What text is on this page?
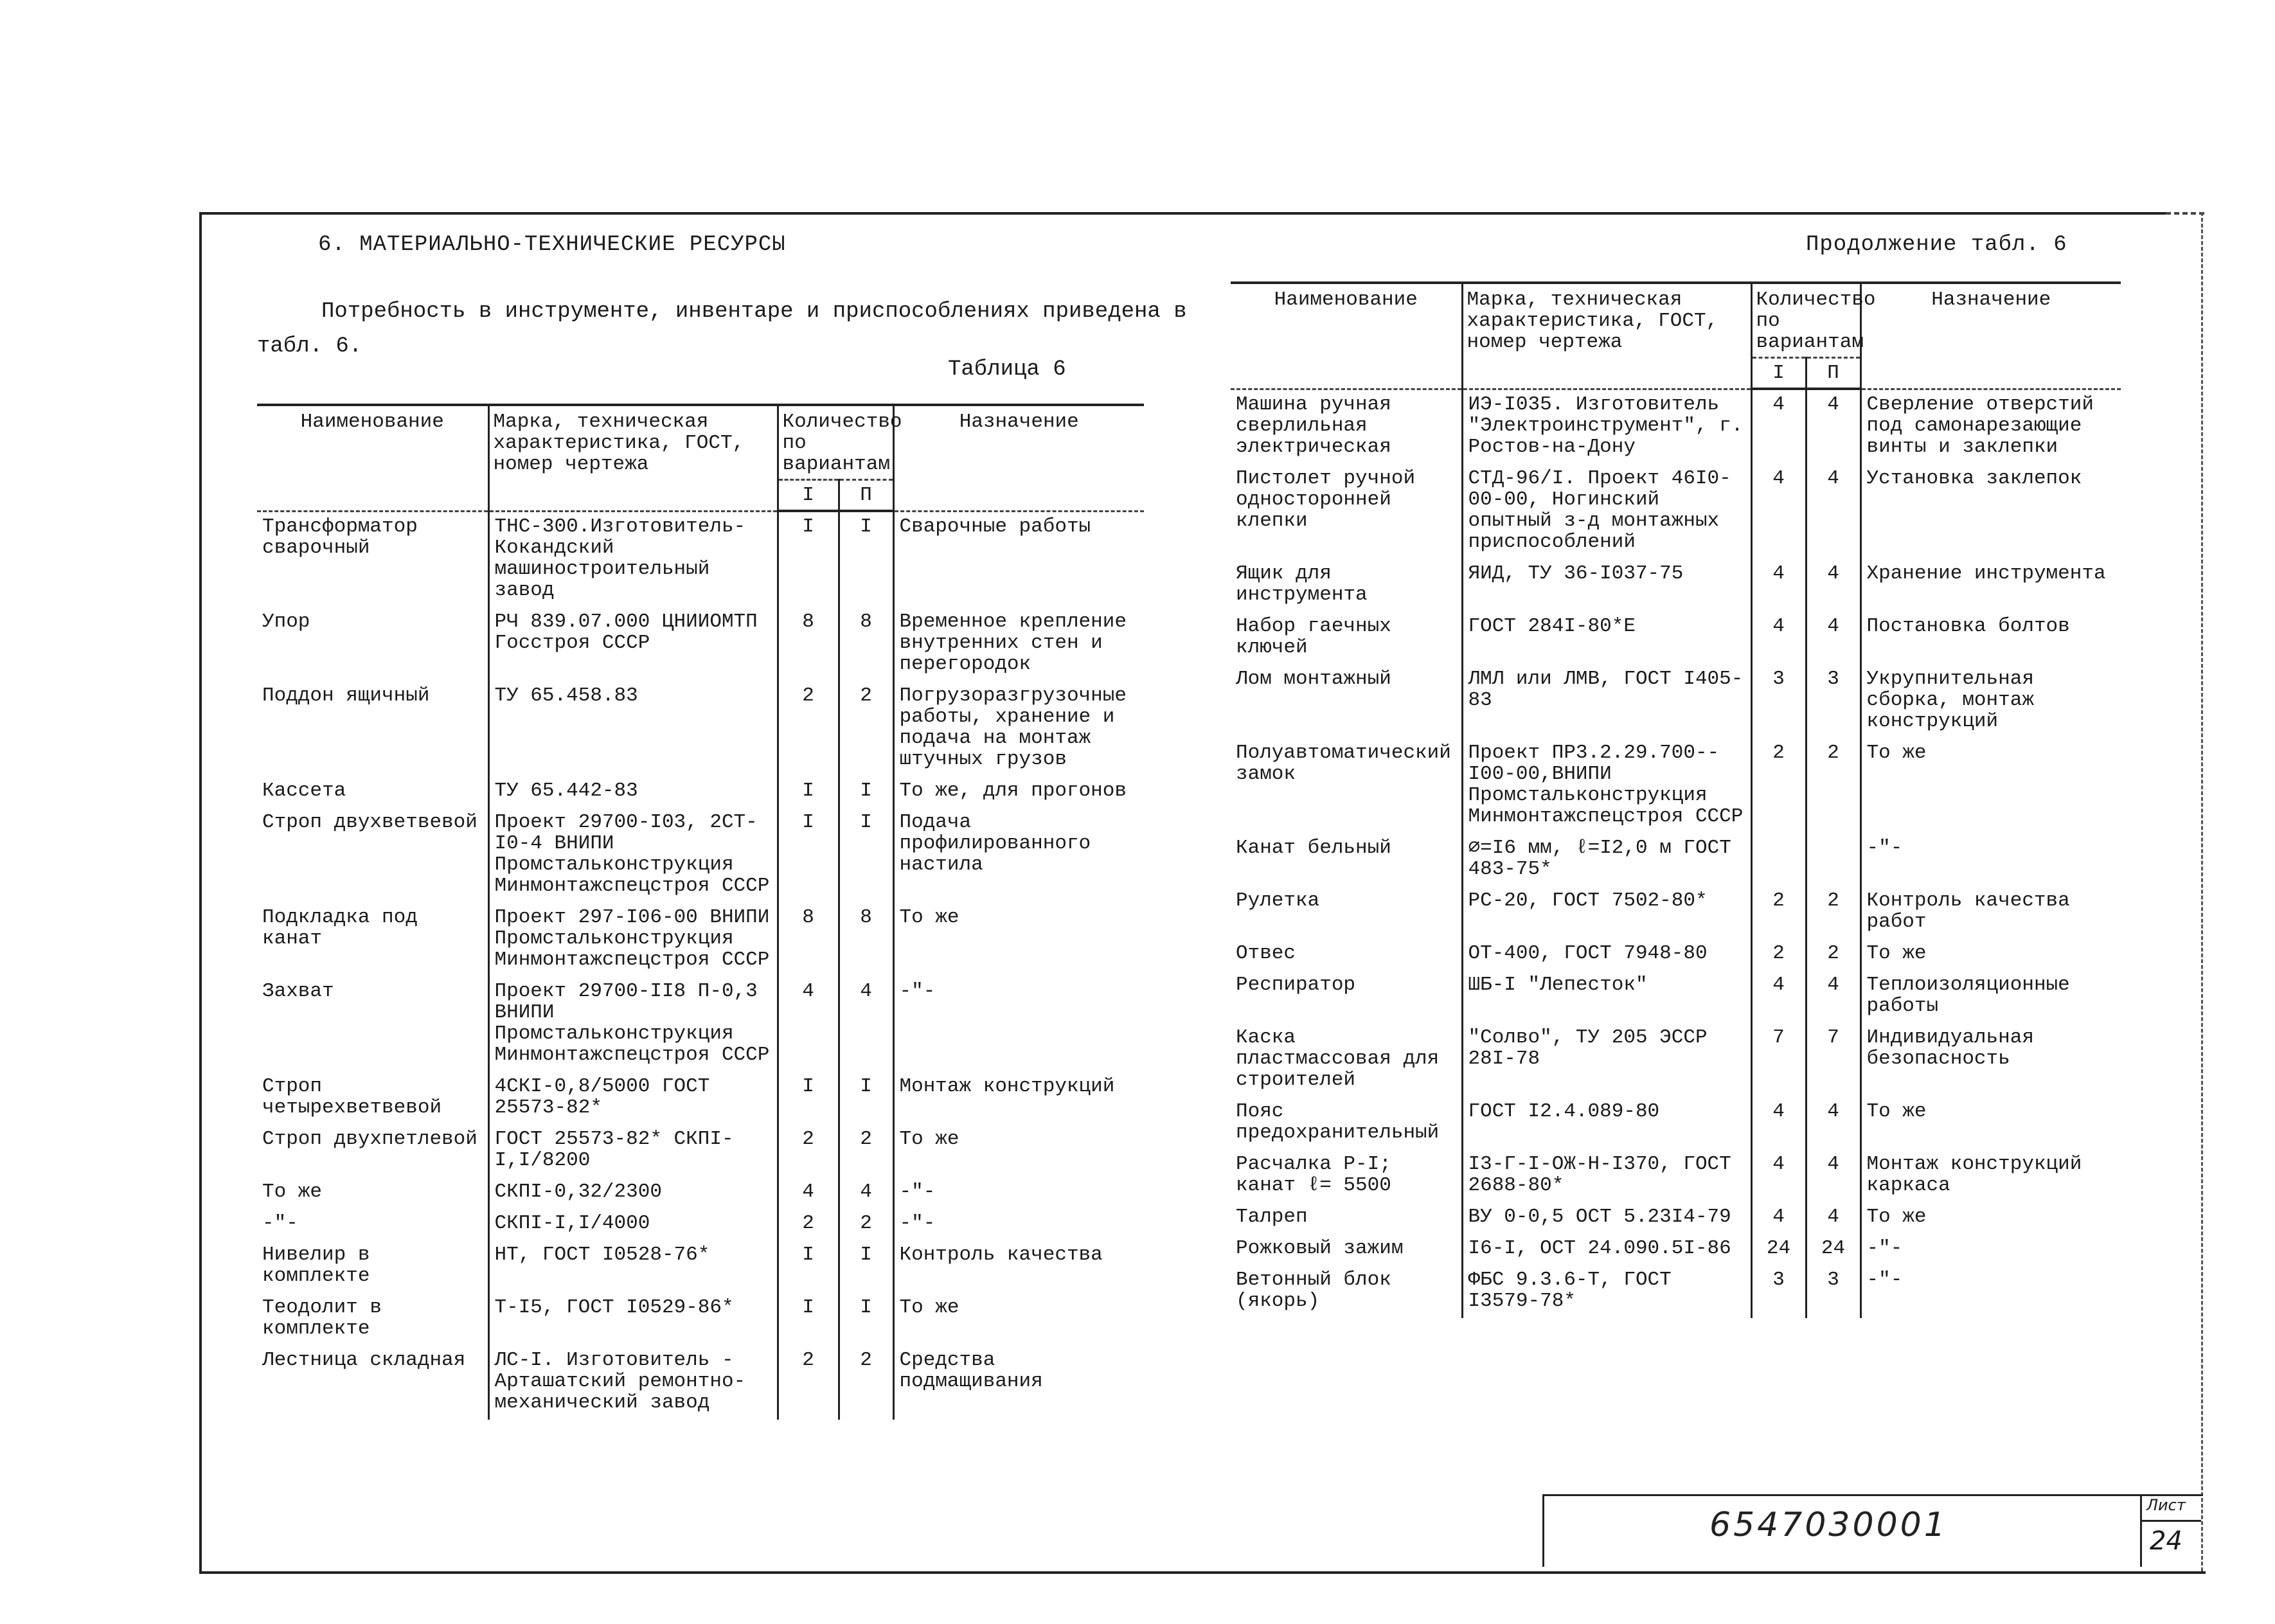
6. МАТЕРИАЛЬНО-ТЕХНИЧЕСКИЕ РЕСУРСЫ
Потребность в инструменте, инвентаре и приспособлениях приведена в табл. 6.
Таблица 6
Продолжение табл. 6
Наименование	Марка, техническая характеристика, ГОСТ, номер чертежа	Количество по вариантам		Назначение
		I	П	
Трансформатор сварочный	ТНС-300.Изготовитель-Кокандский машиностроительный завод	I	I	Сварочные работы
Упор	РЧ 839.07.000 ЦНИИОМТП Госстроя СССР	8	8	Временное крепление внутренних стен и перегородок
Поддон ящичный	ТУ 65.458.83	2	2	Погрузоразгрузочные работы, хранение и подача на монтаж штучных грузов
Кассета	ТУ 65.442-83	I	I	То же, для прогонов
Строп двухветвевой	Проект 29700-I03, 2СТ-I0-4 ВНИПИ Промстальконструкция Минмонтажспецстроя СССР	I	I	Подача профилированного настила
Подкладка под канат	Проект 297-I06-00 ВНИПИ Промстальконструкция Минмонтажспецстроя СССР	8	8	То же
Захват	Проект 29700-II8 П-0,3 ВНИПИ Промстальконструкция Минмонтажспецстроя СССР	4	4	-"-
Строп четырехветвевой	4СКI-0,8/5000 ГОСТ 25573-82*	I	I	Монтаж конструкций
Строп двухпетлевой	ГОСТ 25573-82* СКПI-I,I/8200	2	2	То же
То же	СКПI-0,32/2300	4	4	-"-
-"-	СКПI-I,I/4000	2	2	-"-
Нивелир в комплекте	НТ, ГОСТ I0528-76*	I	I	Контроль качества
Теодолит в комплекте	Т-I5, ГОСТ I0529-86*	I	I	То же
Лестница складная	ЛС-I. Изготовитель - Арташатский ремонтно-механический завод	2	2	Средства подмащивания
Наименование	Марка, техническая характеристика, ГОСТ, номер чертежа	Количество по вариантам		Назначение
		I	П	
Машина ручная сверлильная электрическая	ИЭ-I035. Изготовитель "Электроинструмент", г. Ростов-на-Дону	4	4	Сверление отверстий под самонарезающие винты и заклепки
Пистолет ручной односторонней клепки	СТД-96/I. Проект 46I0-00-00, Ногинский опытный з-д монтажных приспособлений	4	4	Установка заклепок
Ящик для инструмента	ЯИД, ТУ 36-I037-75	4	4	Хранение инструмента
Набор гаечных ключей	ГОСТ 284I-80*Е	4	4	Постановка болтов
Лом монтажный	ЛМЛ или ЛМВ, ГОСТ I405-83	3	3	Укрупнительная сборка, монтаж конструкций
Полуавтоматический замок	Проект ПР3.2.29.700--I00-00,ВНИПИ Промстальконструкция Минмонтажспецстроя СССР	2	2	То же
Канат бельный	∅=I6 мм, ℓ=I2,0 м ГОСТ 483-75*			-"-
Рулетка	РС-20, ГОСТ 7502-80*	2	2	Контроль качества работ
Отвес	ОТ-400, ГОСТ 7948-80	2	2	То же
Респиратор	ШБ-I "Лепесток"	4	4	Теплоизоляционные работы
Каска пластмассовая для строителей	"Солво", ТУ 205 ЭССР 28I-78	7	7	Индивидуальная безопасность
Пояс предохранительный	ГОСТ I2.4.089-80	4	4	То же
Расчалка Р-I; канат ℓ= 5500	I3-Г-I-ОЖ-Н-I370, ГОСТ 2688-80*	4	4	Монтаж конструкций каркаса
Талреп	ВУ 0-0,5 ОСТ 5.23I4-79	4	4	То же
Рожковый зажим	I6-I, ОСТ 24.090.5I-86	24	24	-"-
Ветонный блок (якорь)	ФБС 9.3.6-Т, ГОСТ I3579-78*	3	3	-"-
6547030001
Лист
24
